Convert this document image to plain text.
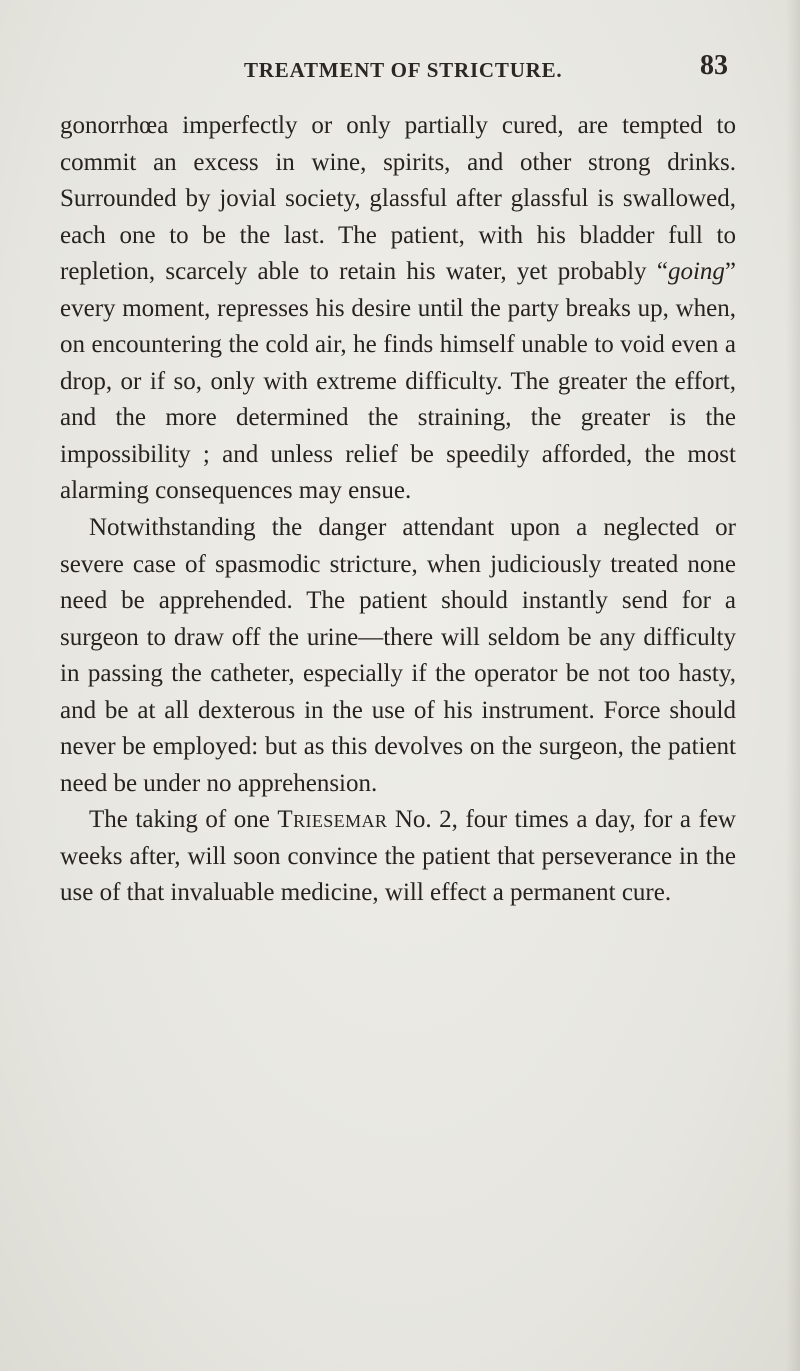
TREATMENT OF STRICTURE.	83

gonorrhœa imperfectly or only partially cured, are tempted to commit an excess in wine, spirits, and other strong drinks. Surrounded by jovial society, glassful after glassful is swallowed, each one to be the last. The patient, with his bladder full to repletion, scarcely able to retain his water, yet probably “going” every moment, represses his desire until the party breaks up, when, on encountering the cold air, he finds himself unable to void even a drop, or if so, only with extreme difficulty. The greater the effort, and the more determined the straining, the greater is the impossibility ; and unless relief be speedily afforded, the most alarming consequences may ensue.

Notwithstanding the danger attendant upon a neglected or severe case of spasmodic stricture, when judiciously treated none need be apprehended. The patient should instantly send for a surgeon to draw off the urine—there will seldom be any difficulty in passing the catheter, especially if the operator be not too hasty, and be at all dexterous in the use of his instrument. Force should never be employed: but as this devolves on the surgeon, the patient need be under no apprehension.

The taking of one Triesemar No. 2, four times a day, for a few weeks after, will soon convince the patient that perseverance in the use of that invaluable medicine, will effect a permanent cure.
